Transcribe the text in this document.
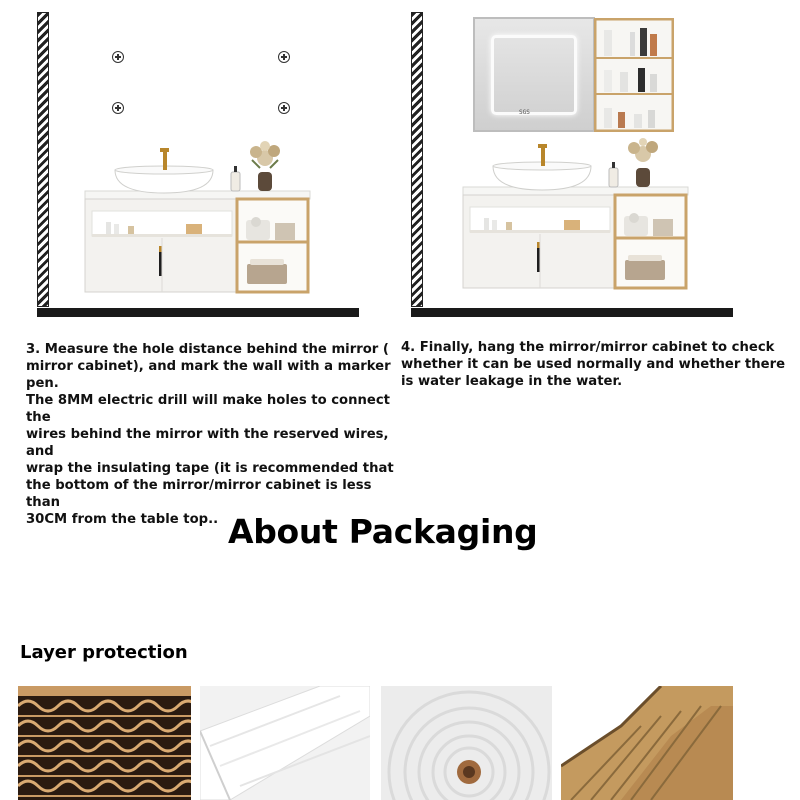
SGS
3. Measure the hole distance behind the mirror (
mirror cabinet), and mark the wall with a marker pen.
The 8MM electric drill will make holes to connect the
wires behind the mirror with the reserved wires, and
wrap the insulating tape (it is recommended that
the bottom of the mirror/mirror cabinet is less than
30CM from the table top..
4. Finally, hang the mirror/mirror cabinet to check
whether it can be used normally and whether there
is water leakage in the water.
About Packaging
Layer protection
